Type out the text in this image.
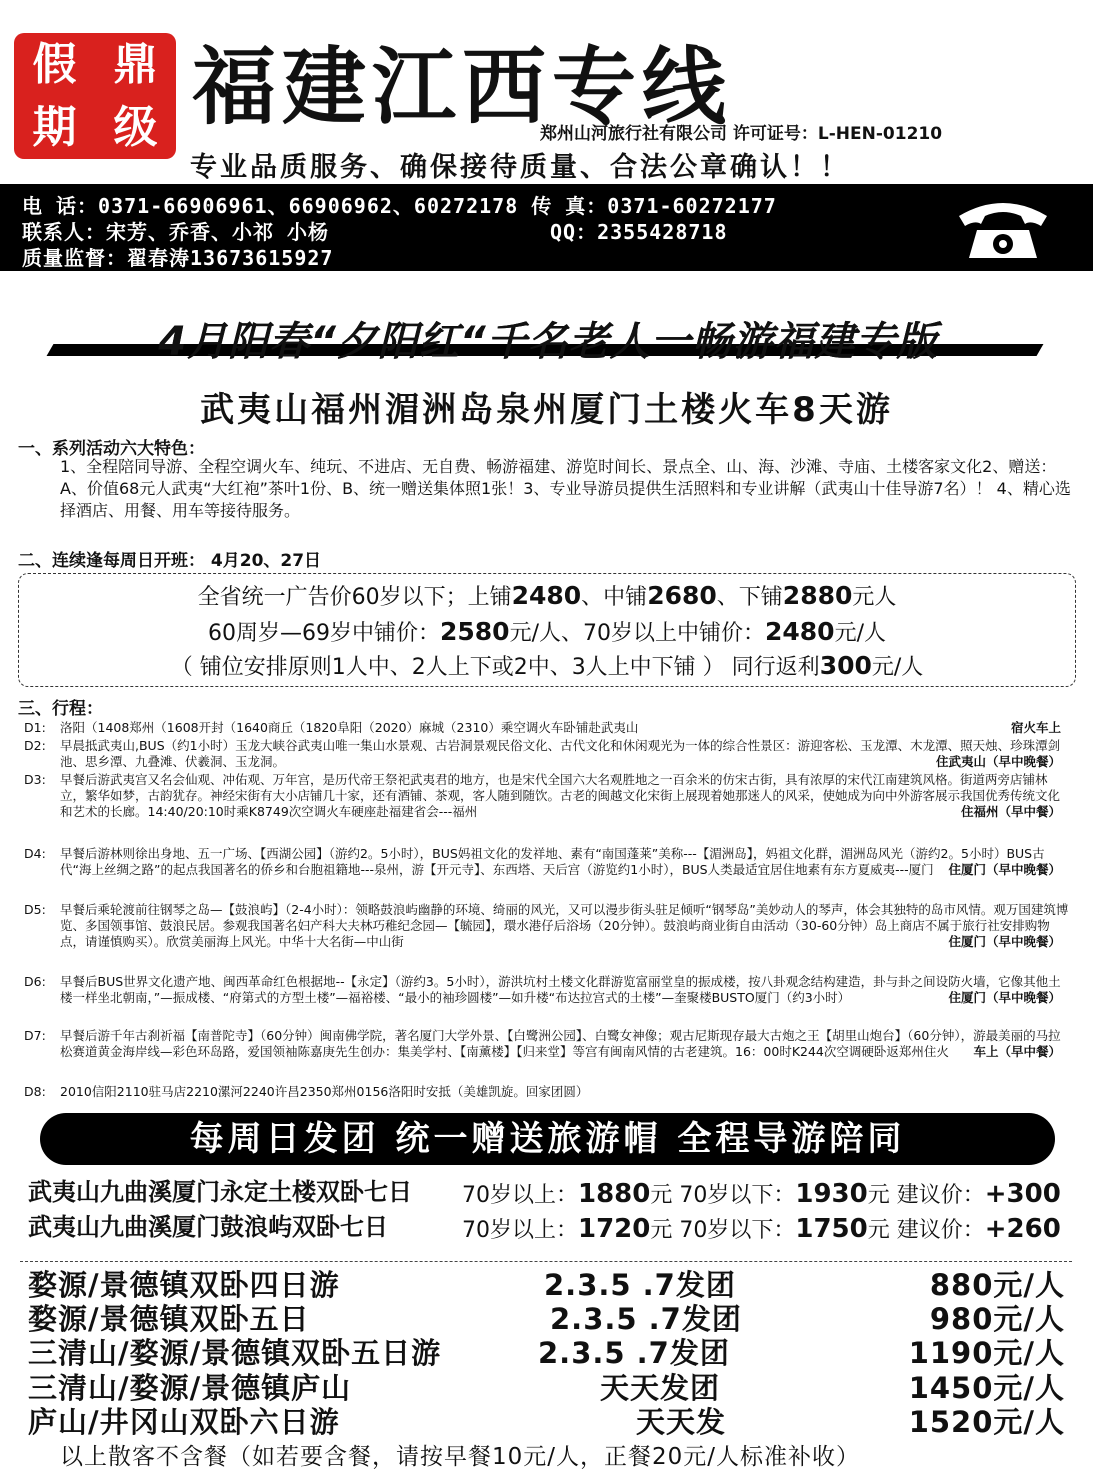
假 鼎
期 级 福建江西专线
郑州山河旅行社有限公司 许可证号：L-HEN-01210
专业品质服务、确保接待质量、合法公章确认！！
电 话：0371-66906961、66906962、60272178 传 真：0371-60272177
联系人：宋芳、乔香、小祁 小杨	QQ：2355428718
质量监督：翟春涛13673615927
4月阳春“夕阳红“千名老人一畅游福建专版
武夷山福州湄洲岛泉州厦门土楼火车8天游
一、系列活动六大特色：
1、全程陪同导游、全程空调火车、纯玩、不进店、无自费、畅游福建、游览时间长、景点全、山、海、沙滩、寺庙、土楼客家文化2、赠送：A、价值68元人武夷“大红袍”茶叶1份、B、统一赠送集体照1张！3、专业导游员提供生活照料和专业讲解（武夷山十佳导游7名）！ 4、精心选择酒店、用餐、用车等接待服务。
二、连续逢每周日开班： 4月20、27日
全省统一广告价60岁以下；上铺2480、中铺2680、下铺2880元人
60周岁—69岁中铺价：2580元/人、70岁以上中铺价：2480元/人
（ 铺位安排原则1人中、2人上下或2中、3人上中下铺 ） 同行返利300元/人
三、行程：
D1: 洛阳（1408郑州（1608开封（1640商丘（1820阜阳（2020）麻城（2310）乘空调火车卧铺赴武夷山	宿火车上
D2: 早晨抵武夷山,BUS（约1小时）玉龙大峡谷武夷山唯一集山水景观、古岩洞景观民俗文化、古代文化和休闲观光为一体的综合性景区：游迎客松、玉龙潭、木龙潭、照天烛、珍珠潭剑池、思乡潭、九叠滩、伏羲洞、玉龙洞。	住武夷山（早中晚餐）
D3: 早餐后游武夷宫又名会仙观、冲佑观、万年宫，是历代帝王祭祀武夷君的地方，也是宋代全国六大名观胜地之一百余米的仿宋古街，具有浓厚的宋代江南建筑风格。街道两旁店铺林立，繁华如梦，古韵犹存。神经宋街有大小店铺几十家，还有酒铺、茶观，客人随到随饮。古老的闽越文化宋街上展现着她那迷人的风采，使她成为向中外游客展示我国优秀传统文化和艺术的长廊。14:40/20:10时乘K8749次空调火车硬座赴福建省会---福州	住福州（早中餐）
D4: 早餐后游林则徐出身地、五一广场、【西湖公园】（游约2。5小时），BUS妈祖文化的发祥地、素有“南国蓬莱”美称---【湄洲岛】，妈祖文化群，湄洲岛风光（游约2。5小时）BUS古代“海上丝绸之路”的起点我国著名的侨乡和台胞祖籍地---泉州，游【开元寺】、东西塔、天后宫（游览约1小时），BUS人类最适宜居住地素有东方夏威夷---厦门	住厦门（早中晚餐）
D5: 早餐后乘轮渡前往钢琴之岛—【鼓浪屿】（2-4小时）：领略鼓浪屿幽静的环境、绮丽的风光，又可以漫步街头驻足倾听“钢琴岛”美妙动人的琴声，体会其独特的岛市风情。观万国建筑博览、多国领事馆、鼓浪民居。参观我国著名妇产科大夫林巧稚纪念园—【毓园】，環水港仔后浴场（20分钟）。鼓浪屿商业街自由活动（30-60分钟）岛上商店不属于旅行社安排购物点，请谨慎购买）。欣赏美丽海上风光。中华十大名街—中山街	住厦门（早中晚餐）
D6: 早餐后BUS世界文化遗产地、闽西革命红色根据地--【永定】（游约3。5小时），游洪坑村土楼文化群游览富丽堂皇的振成楼，按八卦观念结构建造，卦与卦之间设防火墙，它像其他土楼一样坐北朝南，”—振成楼、“府第式的方型土楼”—福裕楼、“最小的袖珍圆楼”—如升楼“布达拉宫式的土楼”—奎聚楼BUSTO厦门（约3小时）	住厦门（早中晚餐）
D7: 早餐后游千年古刹祈福【南普陀寺】（60分钟）闽南佛学院，著名厦门大学外景、【白鹭洲公园】、白鹭女神像；观古尼斯现存最大古炮之王【胡里山炮台】（60分钟），游最美丽的马拉松赛道黄金海岸线—彩色环岛路，爱国领袖陈嘉庚先生创办：集美学村、【南薰楼】【归来堂】等宫有闽南风情的古老建筑。16：00时K244次空调硬卧返郑州住火	车上（早中餐）
D8: 2010信阳2110驻马店2210漯河2240许昌2350郑州0156洛阳时安抵（美雄凯旋。回家团圆）
每周日发团 统一赠送旅游帽 全程导游陪同
武夷山九曲溪厦门永定土楼双卧七日 70岁以上：1880元 70岁以下：1930元 建议价：+300
武夷山九曲溪厦门鼓浪屿双卧七日	70岁以上：1720元 70岁以下：1750元 建议价：+260
婺源/景德镇双卧四日游	2.3.5 .7发团	880元/人
婺源/景德镇双卧五日	2.3.5 .7发团	980元/人
三清山/婺源/景德镇双卧五日游	2.3.5 .7发团	1190元/人
三清山/婺源/景德镇庐山	天天发团	1450元/人
庐山/井冈山双卧六日游	天天发	1520元/人
以上散客不含餐（如若要含餐，请按早餐10元/人，正餐20元/人标准补收）
